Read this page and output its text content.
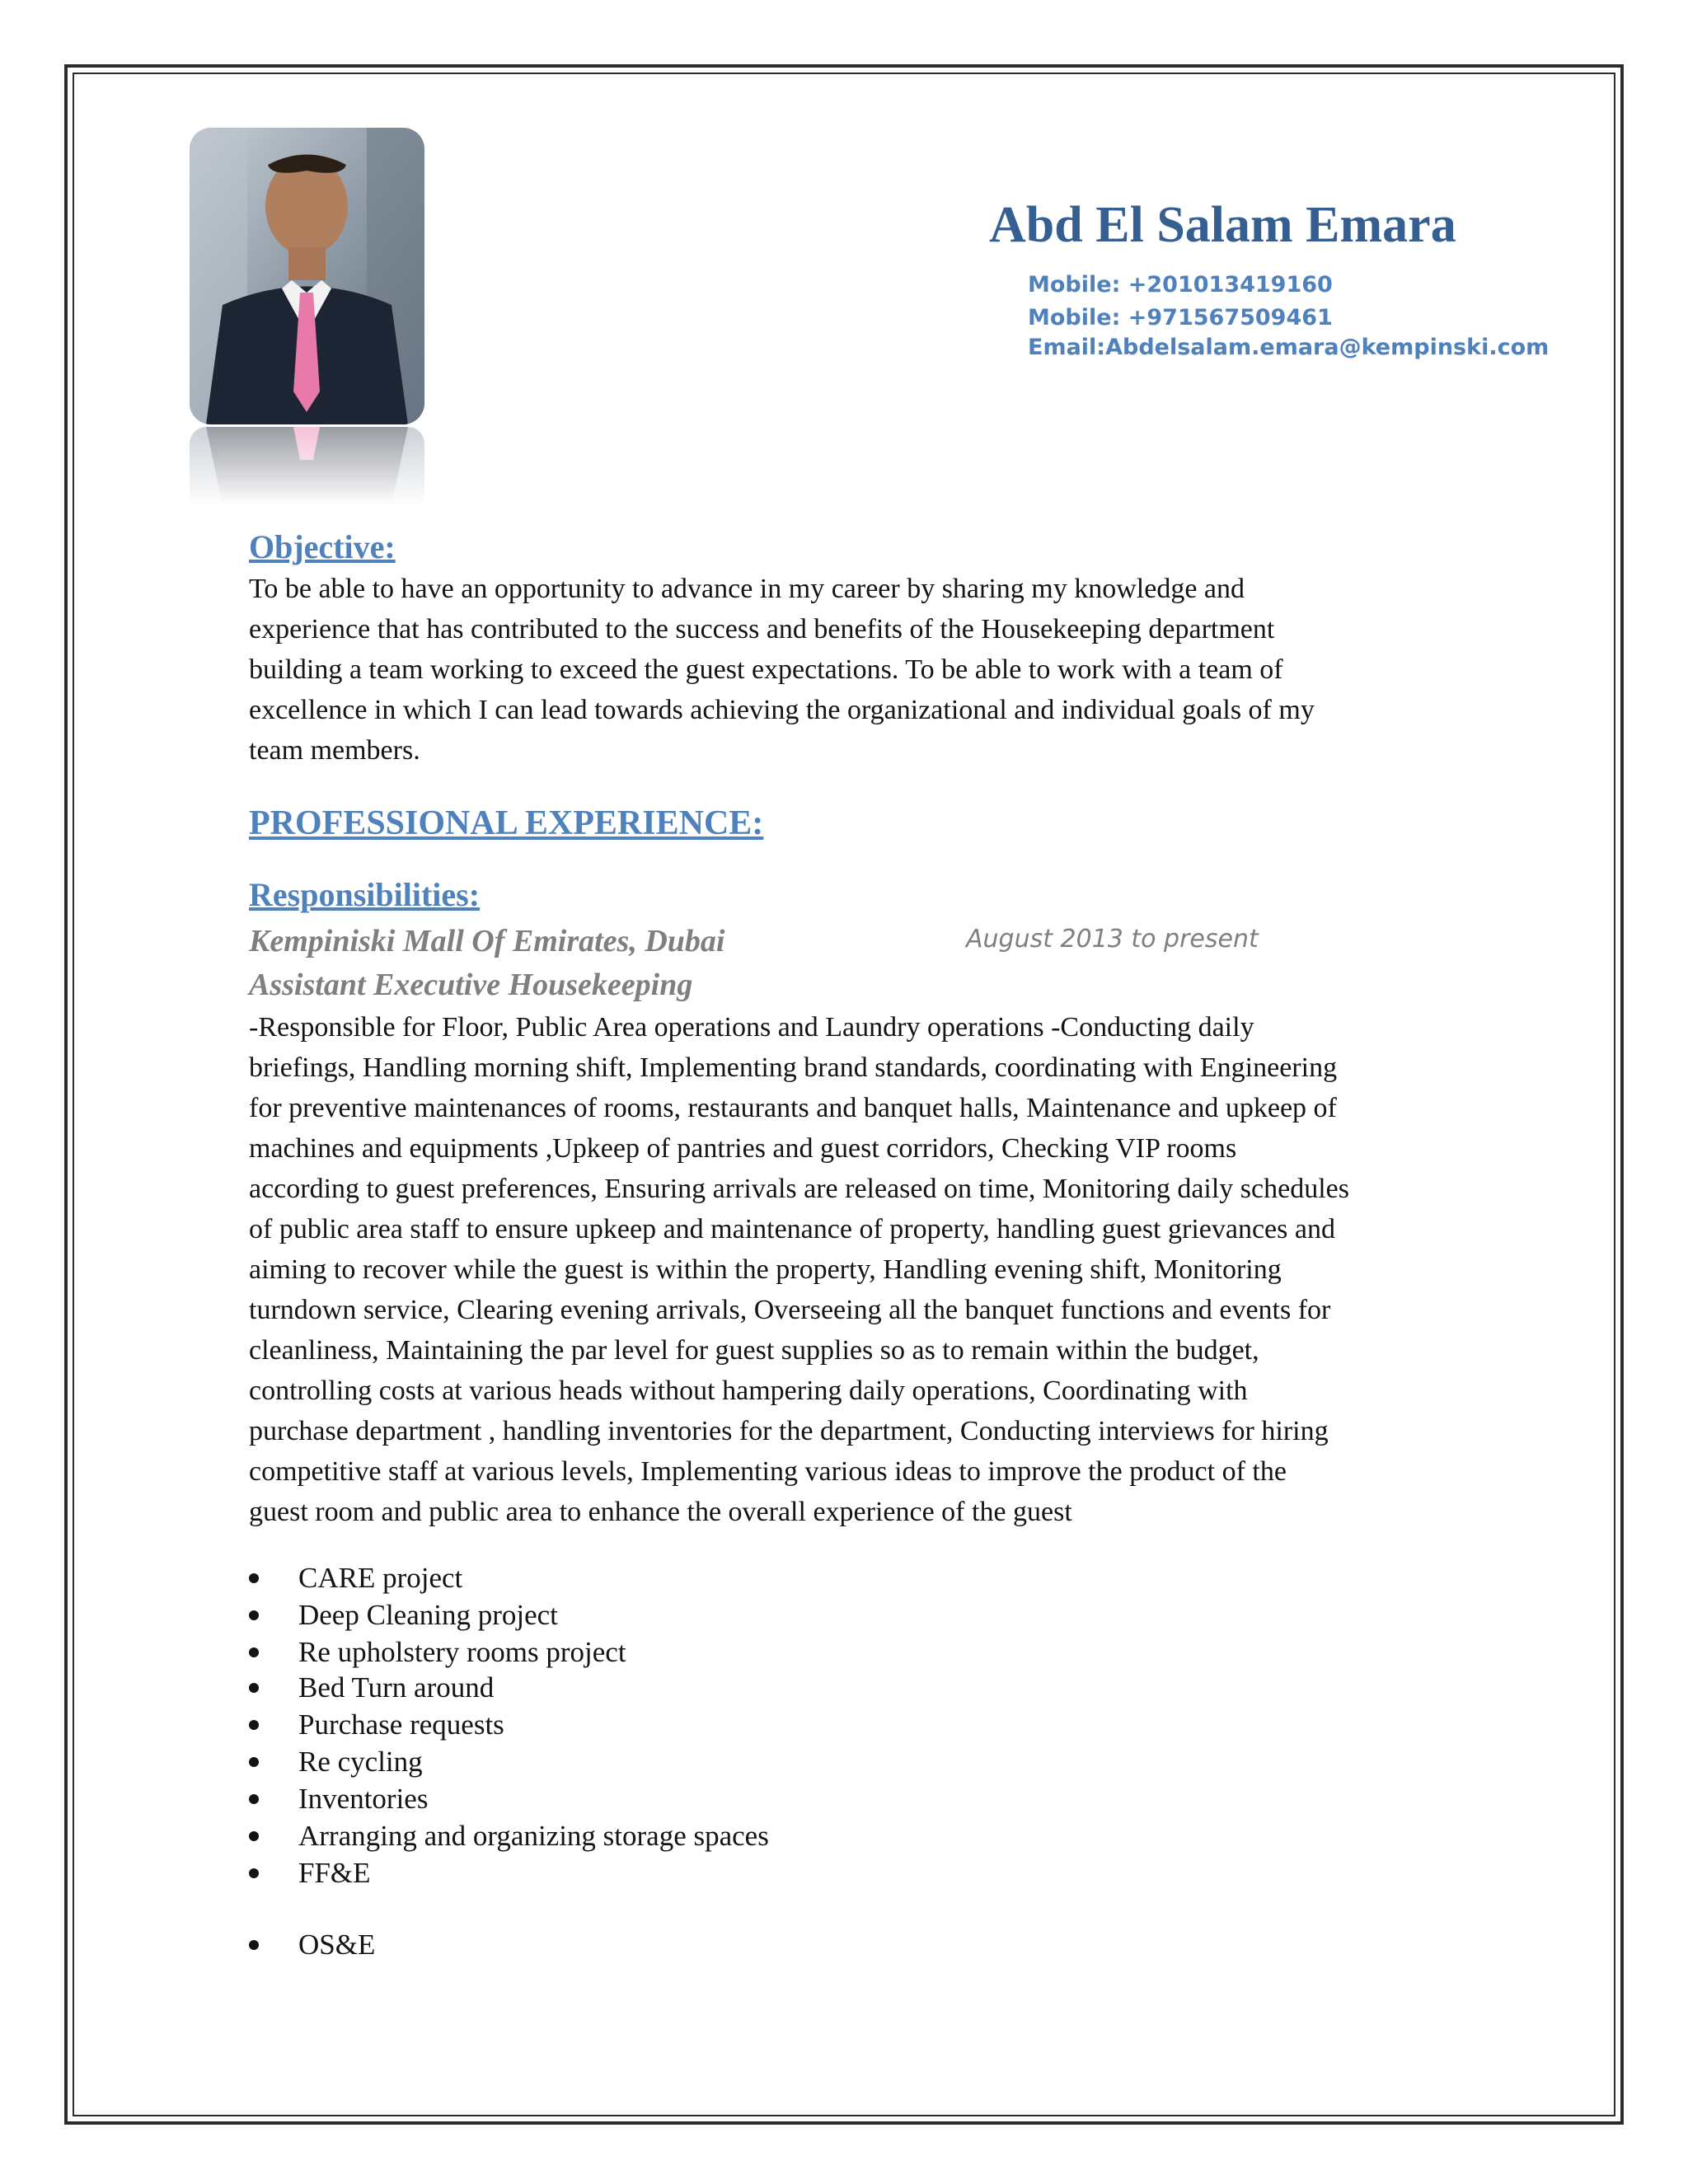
Abd El Salam Emara
Mobile: +201013419160
Mobile: +971567509461
Email:Abdelsalam.emara@kempinski.com
Objective:
To be able to have an opportunity to advance in my career by sharing my knowledge and
experience that has contributed to the success and benefits of the Housekeeping department
building a team working to exceed the guest expectations. To be able to work with a team of
excellence in which I can lead towards achieving the organizational and individual goals of my
team members.
PROFESSIONAL EXPERIENCE:
Responsibilities:
Kempiniski Mall Of Emirates, Dubai	August 2013 to present
Assistant Executive Housekeeping
-Responsible for Floor, Public Area operations and Laundry operations -Conducting daily
briefings, Handling morning shift, Implementing brand standards, coordinating with Engineering
for preventive maintenances of rooms, restaurants and banquet halls, Maintenance and upkeep of
machines and equipments ,Upkeep of pantries and guest corridors, Checking VIP rooms
according to guest preferences, Ensuring arrivals are released on time, Monitoring daily schedules
of public area staff to ensure upkeep and maintenance of property, handling guest grievances and
aiming to recover while the guest is within the property, Handling evening shift, Monitoring
turndown service, Clearing evening arrivals, Overseeing all the banquet functions and events for
cleanliness, Maintaining the par level for guest supplies so as to remain within the budget,
controlling costs at various heads without hampering daily operations, Coordinating with
purchase department , handling inventories for the department, Conducting interviews for hiring
competitive staff at various levels, Implementing various ideas to improve the product of the
guest room and public area to enhance the overall experience of the guest
CARE project
Deep Cleaning project
Re upholstery rooms project
Bed Turn around
Purchase requests
Re cycling
Inventories
Arranging and organizing storage spaces
FF&E
OS&E
